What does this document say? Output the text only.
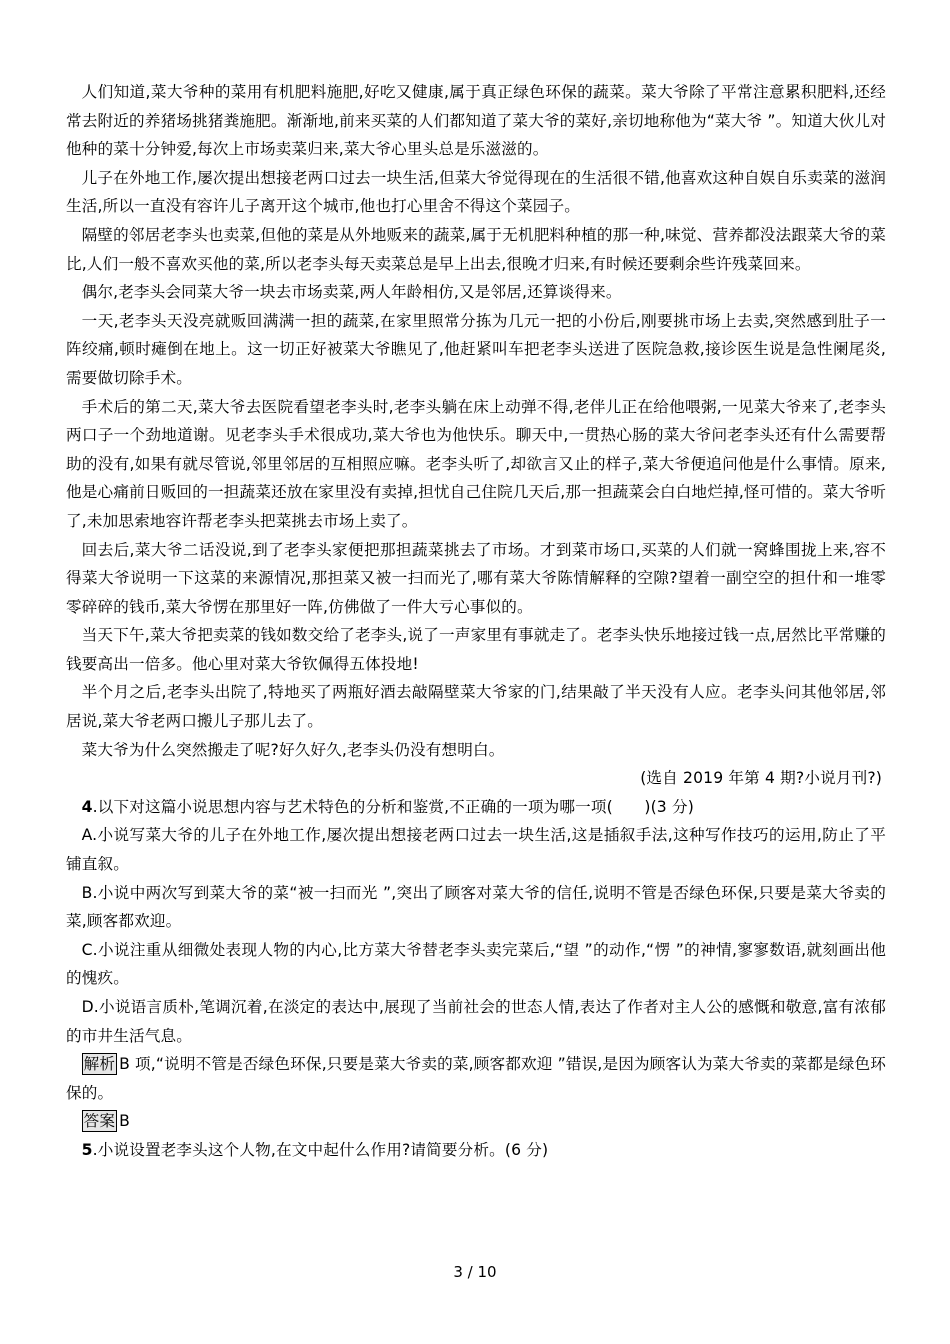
人们知道,菜大爷种的菜用有机肥料施肥,好吃又健康,属于真正绿色环保的蔬菜。菜大爷除了平常注意累积肥料,还经常去附近的养猪场挑猪粪施肥。渐渐地,前来买菜的人们都知道了菜大爷的菜好,亲切地称他为“菜大爷 ”。知道大伙儿对他种的菜十分钟爱,每次上市场卖菜归来,菜大爷心里头总是乐滋滋的。

儿子在外地工作,屡次提出想接老两口过去一块生活,但菜大爷觉得现在的生活很不错,他喜欢这种自娱自乐卖菜的滋润生活,所以一直没有容许儿子离开这个城市,他也打心里舍不得这个菜园子。

隔壁的邻居老李头也卖菜,但他的菜是从外地贩来的蔬菜,属于无机肥料种植的那一种,味觉、营养都没法跟菜大爷的菜比,人们一般不喜欢买他的菜,所以老李头每天卖菜总是早上出去,很晚才归来,有时候还要剩余些许残菜回来。

偶尔,老李头会同菜大爷一块去市场卖菜,两人年龄相仿,又是邻居,还算谈得来。

一天,老李头天没亮就贩回满满一担的蔬菜,在家里照常分拣为几元一把的小份后,刚要挑市场上去卖,突然感到肚子一阵绞痛,顿时瘫倒在地上。这一切正好被菜大爷瞧见了,他赶紧叫车把老李头送进了医院急救,接诊医生说是急性阑尾炎,需要做切除手术。

手术后的第二天,菜大爷去医院看望老李头时,老李头躺在床上动弹不得,老伴儿正在给他喂粥,一见菜大爷来了,老李头两口子一个劲地道谢。见老李头手术很成功,菜大爷也为他快乐。聊天中,一贯热心肠的菜大爷问老李头还有什么需要帮助的没有,如果有就尽管说,邻里邻居的互相照应嘛。老李头听了,却欲言又止的样子,菜大爷便追问他是什么事情。原来,他是心痛前日贩回的一担蔬菜还放在家里没有卖掉,担忧自己住院几天后,那一担蔬菜会白白地烂掉,怪可惜的。菜大爷听了,未加思索地容许帮老李头把菜挑去市场上卖了。

回去后,菜大爷二话没说,到了老李头家便把那担蔬菜挑去了市场。才到菜市场口,买菜的人们就一窝蜂围拢上来,容不得菜大爷说明一下这菜的来源情况,那担菜又被一扫而光了,哪有菜大爷陈情解释的空隙?望着一副空空的担什和一堆零零碎碎的钱币,菜大爷愣在那里好一阵,仿佛做了一件大亏心事似的。

当天下午,菜大爷把卖菜的钱如数交给了老李头,说了一声家里有事就走了。老李头快乐地接过钱一点,居然比平常赚的钱要高出一倍多。他心里对菜大爷钦佩得五体投地!

半个月之后,老李头出院了,特地买了两瓶好酒去敲隔壁菜大爷家的门,结果敲了半天没有人应。老李头问其他邻居,邻居说,菜大爷老两口搬儿子那儿去了。

菜大爷为什么突然搬走了呢?好久好久,老李头仍没有想明白。

(选自 2019 年第 4 期?小说月刊?)

4.以下对这篇小说思想内容与艺术特色的分析和鉴赏,不正确的一项为哪一项(　　)(3 分)

A.小说写菜大爷的儿子在外地工作,屡次提出想接老两口过去一块生活,这是插叙手法,这种写作技巧的运用,防止了平铺直叙。

B.小说中两次写到菜大爷的菜“被一扫而光 ”,突出了顾客对菜大爷的信任,说明不管是否绿色环保,只要是菜大爷卖的菜,顾客都欢迎。

C.小说注重从细微处表现人物的内心,比方菜大爷替老李头卖完菜后,“望 ”的动作,“愣 ”的神情,寥寥数语,就刻画出他的愧疚。

D.小说语言质朴,笔调沉着,在淡定的表达中,展现了当前社会的世态人情,表达了作者对主人公的感慨和敬意,富有浓郁的市井生活气息。

解析 B 项,“说明不管是否绿色环保,只要是菜大爷卖的菜,顾客都欢迎 ”错误,是因为顾客认为菜大爷卖的菜都是绿色环保的。

答案 B

5.小说设置老李头这个人物,在文中起什么作用?请简要分析。(6 分)

3 / 10
